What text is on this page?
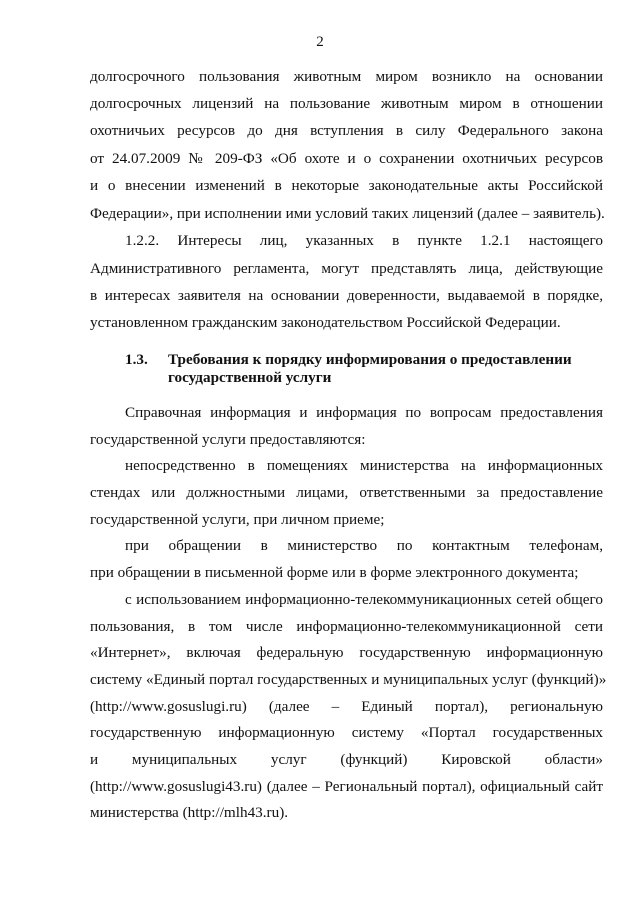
2
долгосрочного пользования животным миром возникло на основании
долгосрочных лицензий на пользование животным миром в отношении
охотничьих ресурсов до дня вступления в силу Федерального закона
от 24.07.2009 № 209-ФЗ «Об охоте и о сохранении охотничьих ресурсов
и о внесении изменений в некоторые законодательные акты Российской
Федерации», при исполнении ими условий таких лицензий (далее – заявитель).
1.2.2. Интересы лиц, указанных в пункте 1.2.1 настоящего
Административного регламента, могут представлять лица, действующие
в интересах заявителя на основании доверенности, выдаваемой в порядке,
установленном гражданским законодательством Российской Федерации.
1.3. Требования к порядку информирования о предоставлении государственной услуги
Справочная информация и информация по вопросам предоставления
государственной услуги предоставляются:
непосредственно в помещениях министерства на информационных
стендах или должностными лицами, ответственными за предоставление
государственной услуги, при личном приеме;
при обращении в министерство по контактным телефонам,
при обращении в письменной форме или в форме электронного документа;
с использованием информационно-телекоммуникационных сетей общего
пользования, в том числе информационно-телекоммуникационной сети
«Интернет», включая федеральную государственную информационную
систему «Единый портал государственных и муниципальных услуг (функций)»
(http://www.gosuslugi.ru) (далее – Единый портал), региональную
государственную информационную систему «Портал государственных
и муниципальных услуг (функций) Кировской области»
(http://www.gosuslugi43.ru) (далее – Региональный портал), официальный сайт
министерства (http://mlh43.ru).
